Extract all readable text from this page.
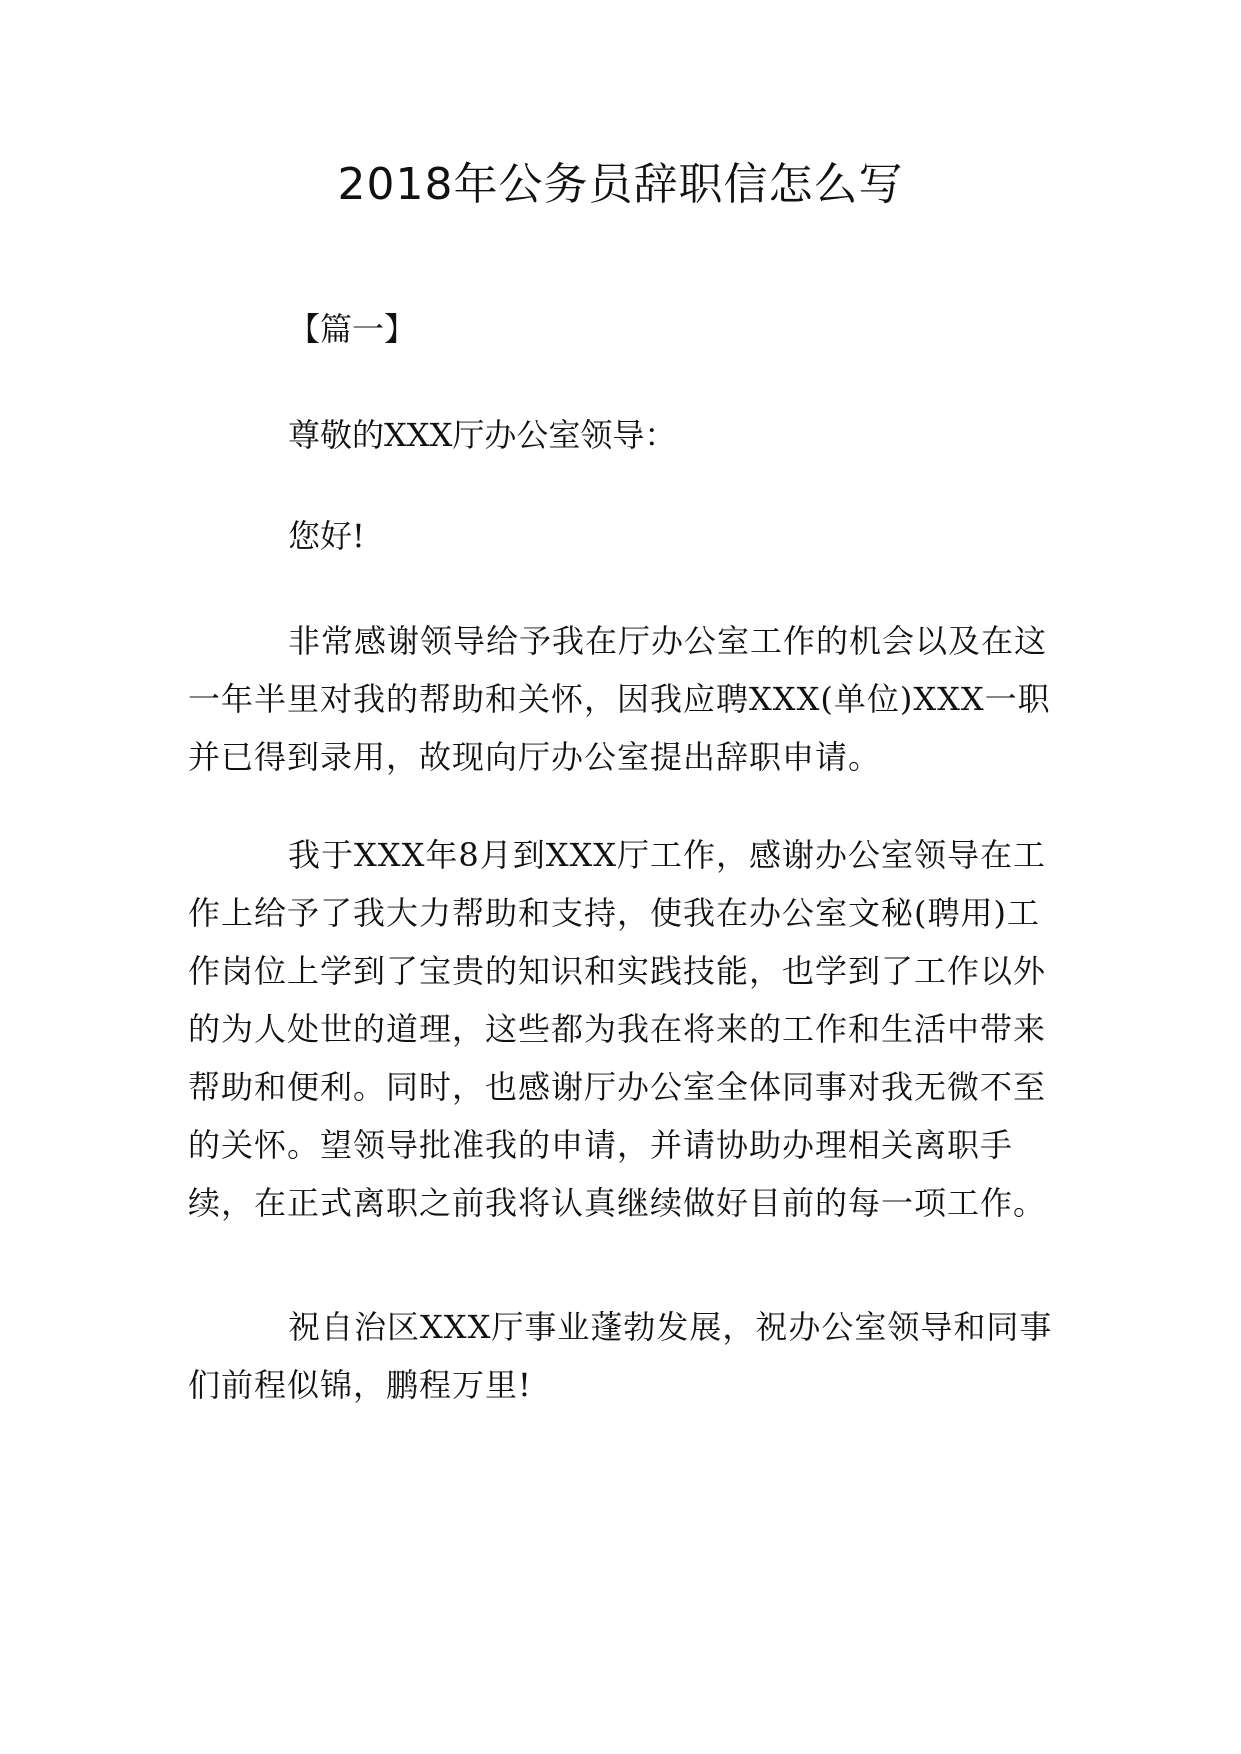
2018年公务员辞职信怎么写

【篇一】

尊敬的XXX厅办公室领导：

您好!

非常感谢领导给予我在厅办公室工作的机会以及在这一年半里对我的帮助和关怀，因我应聘XXX(单位)XXX一职并已得到录用，故现向厅办公室提出辞职申请。

我于XXX年8月到XXX厅工作，感谢办公室领导在工作上给予了我大力帮助和支持，使我在办公室文秘(聘用)工作岗位上学到了宝贵的知识和实践技能，也学到了工作以外的为人处世的道理，这些都为我在将来的工作和生活中带来帮助和便利。同时，也感谢厅办公室全体同事对我无微不至的关怀。望领导批准我的申请，并请协助办理相关离职手续，在正式离职之前我将认真继续做好目前的每一项工作。

祝自治区XXX厅事业蓬勃发展，祝办公室领导和同事们前程似锦，鹏程万里!
